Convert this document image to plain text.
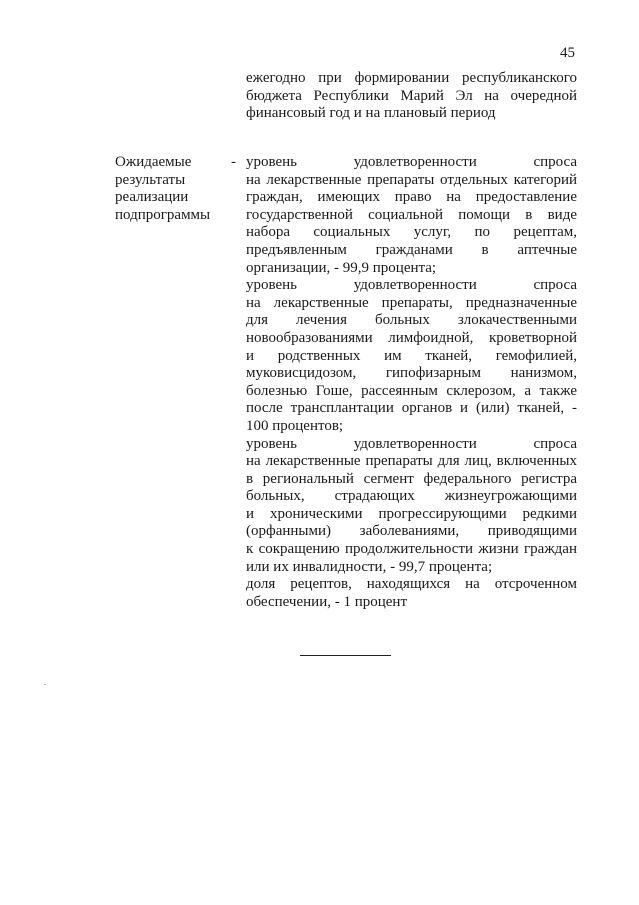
45
ежегодно при формировании республиканского
бюджета Республики Марий Эл на очередной
финансовый год и на плановый период
Ожидаемые
результаты
реализации
подпрограммы
- уровень удовлетворенности спроса
на лекарственные препараты отдельных категорий
граждан, имеющих право на предоставление
государственной социальной помощи в виде
набора социальных услуг, по рецептам,
предъявленным гражданами в аптечные
организации, - 99,9 процента;
уровень удовлетворенности спроса
на лекарственные препараты, предназначенные
для лечения больных злокачественными
новообразованиями лимфоидной, кроветворной
и родственных им тканей, гемофилией,
муковисцидозом, гипофизарным нанизмом,
болезнью Гоше, рассеянным склерозом, а также
после трансплантации органов и (или) тканей, -
100 процентов;
уровень удовлетворенности спроса
на лекарственные препараты для лиц, включенных
в региональный сегмент федерального регистра
больных, страдающих жизнеугрожающими
и хроническими прогрессирующими редкими
(орфанными) заболеваниями, приводящими
к сокращению продолжительности жизни граждан
или их инвалидности, - 99,7 процента;
доля рецептов, находящихся на отсроченном
обеспечении, - 1 процент
